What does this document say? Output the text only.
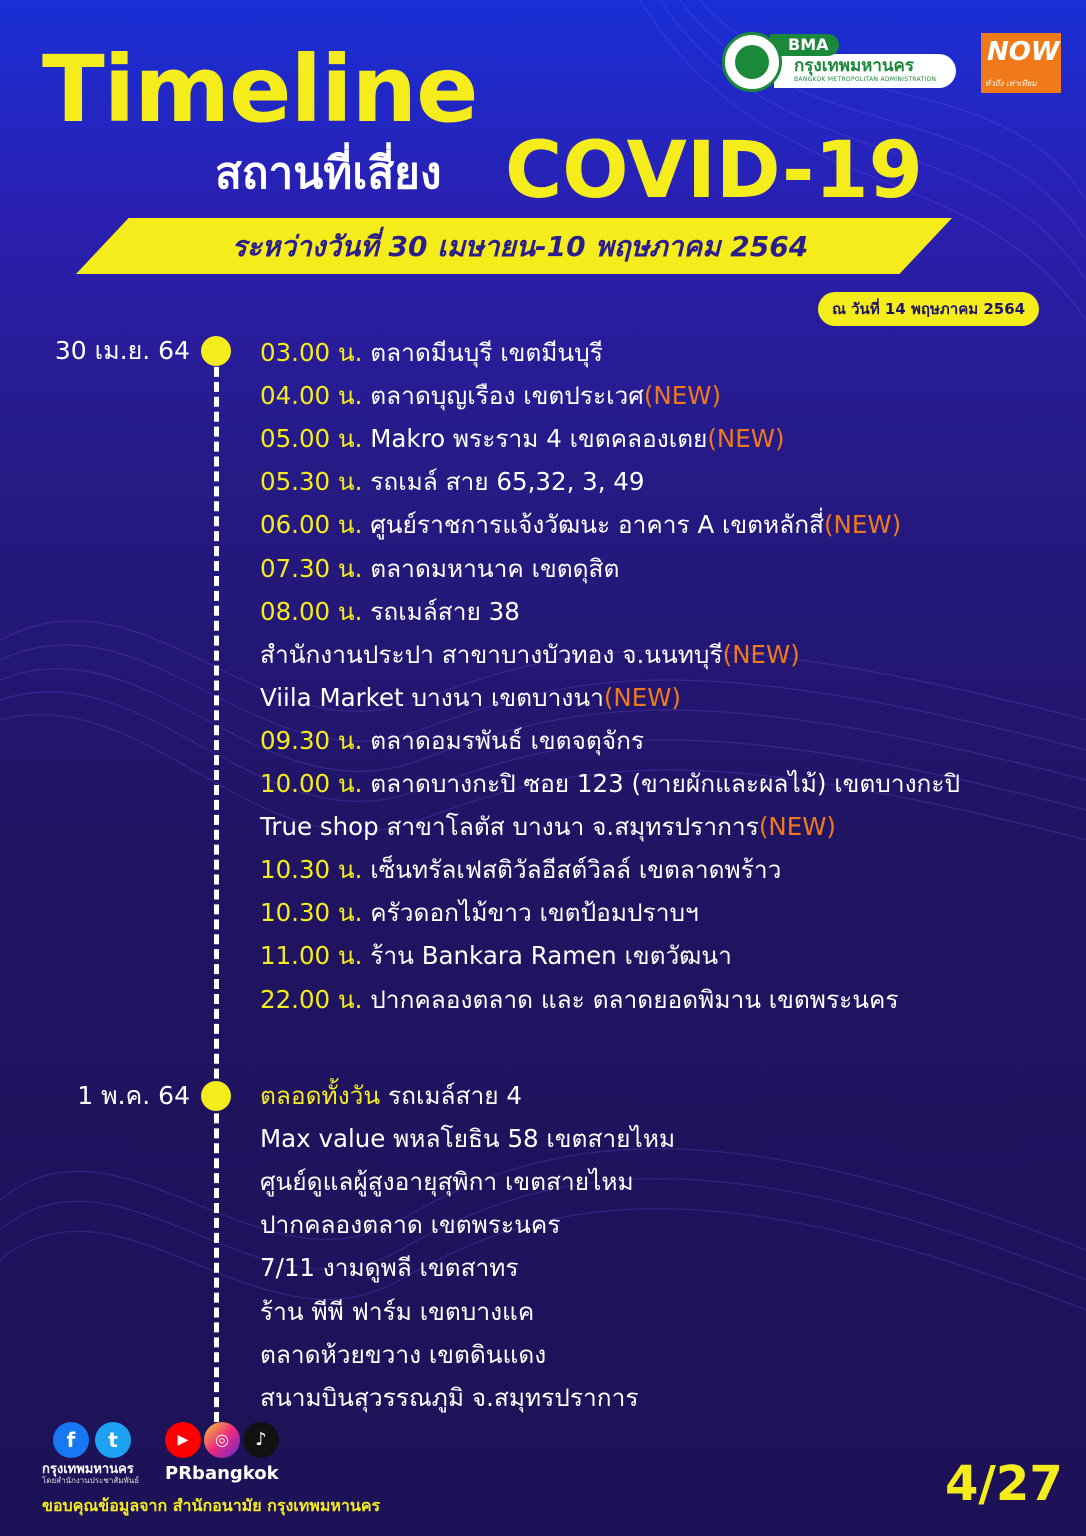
Timeline
สถานที่เสี่ยง COVID-19
ระหว่างวันที่ 30 เมษายน-10 พฤษภาคม 2564
ณ วันที่ 14 พฤษภาคม 2564
BMA
กรุงเทพมหานคร
BANGKOK METROPOLITAN ADMINISTRATION
NOW
ทั่วถึง เท่าเทียม
30 เม.ย. 64	03.00 น. ตลาดมีนบุรี เขตมีนบุรี
04.00 น. ตลาดบุญเรือง เขตประเวศ(NEW)
05.00 น. Makro พระราม 4 เขตคลองเตย(NEW)
05.30 น. รถเมล์ สาย 65,32, 3, 49
06.00 น. ศูนย์ราชการแจ้งวัฒนะ อาคาร A เขตหลักสี่(NEW)
07.30 น. ตลาดมหานาค เขตดุสิต
08.00 น. รถเมล์สาย 38
สำนักงานประปา สาขาบางบัวทอง จ.นนทบุรี(NEW)
Viila Market บางนา เขตบางนา(NEW)
09.30 น. ตลาดอมรพันธ์ เขตจตุจักร
10.00 น. ตลาดบางกะปิ ซอย 123 (ขายผักและผลไม้) เขตบางกะปิ
True shop สาขาโลตัส บางนา จ.สมุทรปราการ(NEW)
10.30 น. เซ็นทรัลเฟสติวัลอีสต์วิลล์ เขตลาดพร้าว
10.30 น. ครัวดอกไม้ขาว เขตป้อมปราบฯ
11.00 น. ร้าน Bankara Ramen เขตวัฒนา
22.00 น. ปากคลองตลาด และ ตลาดยอดพิมาน เขตพระนคร
1 พ.ค. 64	ตลอดทั้งวัน รถเมล์สาย 4
Max value พหลโยธิน 58 เขตสายไหม
ศูนย์ดูแลผู้สูงอายุสุพิกา เขตสายไหม
ปากคลองตลาด เขตพระนคร
7/11 งามดูพลี เขตสาทร
ร้าน พีพี ฟาร์ม เขตบางแค
ตลาดห้วยขวาง เขตดินแดง
สนามบินสุวรรณภูมิ จ.สมุทรปราการ
f	t	▶	◎	♪
กรุงเทพมหานคร
โดยสำนักงานประชาสัมพันธ์ PRbangkok
ขอบคุณข้อมูลจาก สำนักอนามัย กรุงเทพมหานคร	4/27
